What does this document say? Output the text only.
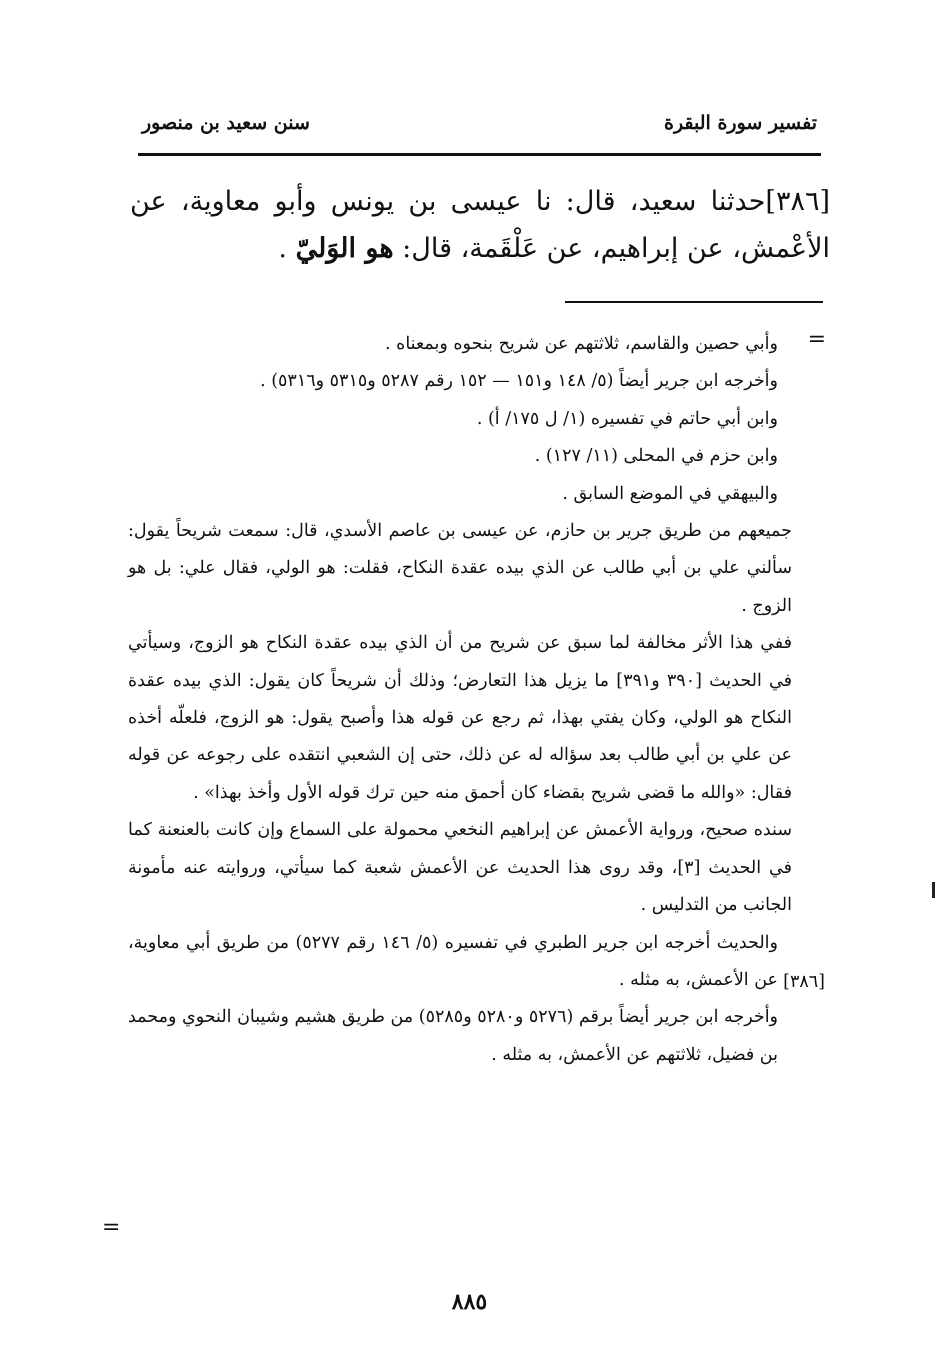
تفسير سورة البقرة
سنن سعيد بن منصور

[٣٨٦]حدثنا سعيد، قال: نا عيسى بن يونس وأبو معاوية، عن الأعْمش، عن إبراهيم، عن عَلْقَمة، قال: هو الوَليّ .

=

وأبي حصين والقاسم، ثلاثتهم عن شريح بنحوه وبمعناه .

وأخرجه ابن جرير أيضاً (٥/ ١٤٨ و١٥١ — ١٥٢ رقم ٥٢٨٧ و٥٣١٥ و٥٣١٦) .

وابن أبي حاتم في تفسيره (١/ ل ١٧٥/ أ) .

وابن حزم في المحلى (١١/ ١٢٧) .

والبيهقي في الموضع السابق .

جميعهم من طريق جرير بن حازم، عن عيسى بن عاصم الأسدي، قال: سمعت شريحاً يقول: سألني علي بن أبي طالب عن الذي بيده عقدة النكاح، فقلت: هو الولي، فقال علي: بل هو الزوج .

ففي هذا الأثر مخالفة لما سبق عن شريح من أن الذي بيده عقدة النكاح هو الزوج، وسيأتي في الحديث [٣٩٠ و٣٩١] ما يزيل هذا التعارض؛ وذلك أن شريحاً كان يقول: الذي بيده عقدة النكاح هو الولي، وكان يفتي بهذا، ثم رجع عن قوله هذا وأصبح يقول: هو الزوج، فلعلّه أخذه عن علي بن أبي طالب بعد سؤاله له عن ذلك، حتى إن الشعبي انتقده على رجوعه عن قوله فقال: «والله ما قضى شريح بقضاء كان أحمق منه حين ترك قوله الأول وأخذ بهذا» .

سنده صحيح، ورواية الأعمش عن إبراهيم النخعي محمولة على السماع وإن كانت بالعنعنة كما في الحديث [٣]، وقد روى هذا الحديث عن الأعمش شعبة كما سيأتي، وروايته عنه مأمونة الجانب من التدليس .

والحديث أخرجه ابن جرير الطبري في تفسيره (٥/ ١٤٦ رقم ٥٢٧٧) من طريق أبي معاوية، عن الأعمش، به مثله .

وأخرجه ابن جرير أيضاً برقم (٥٢٧٦ و٥٢٨٠ و٥٢٨٥) من طريق هشيم وشيبان النحوي ومحمد بن فضيل، ثلاثتهم عن الأعمش، به مثله .

[٣٨٦]
=
٨٨٥
